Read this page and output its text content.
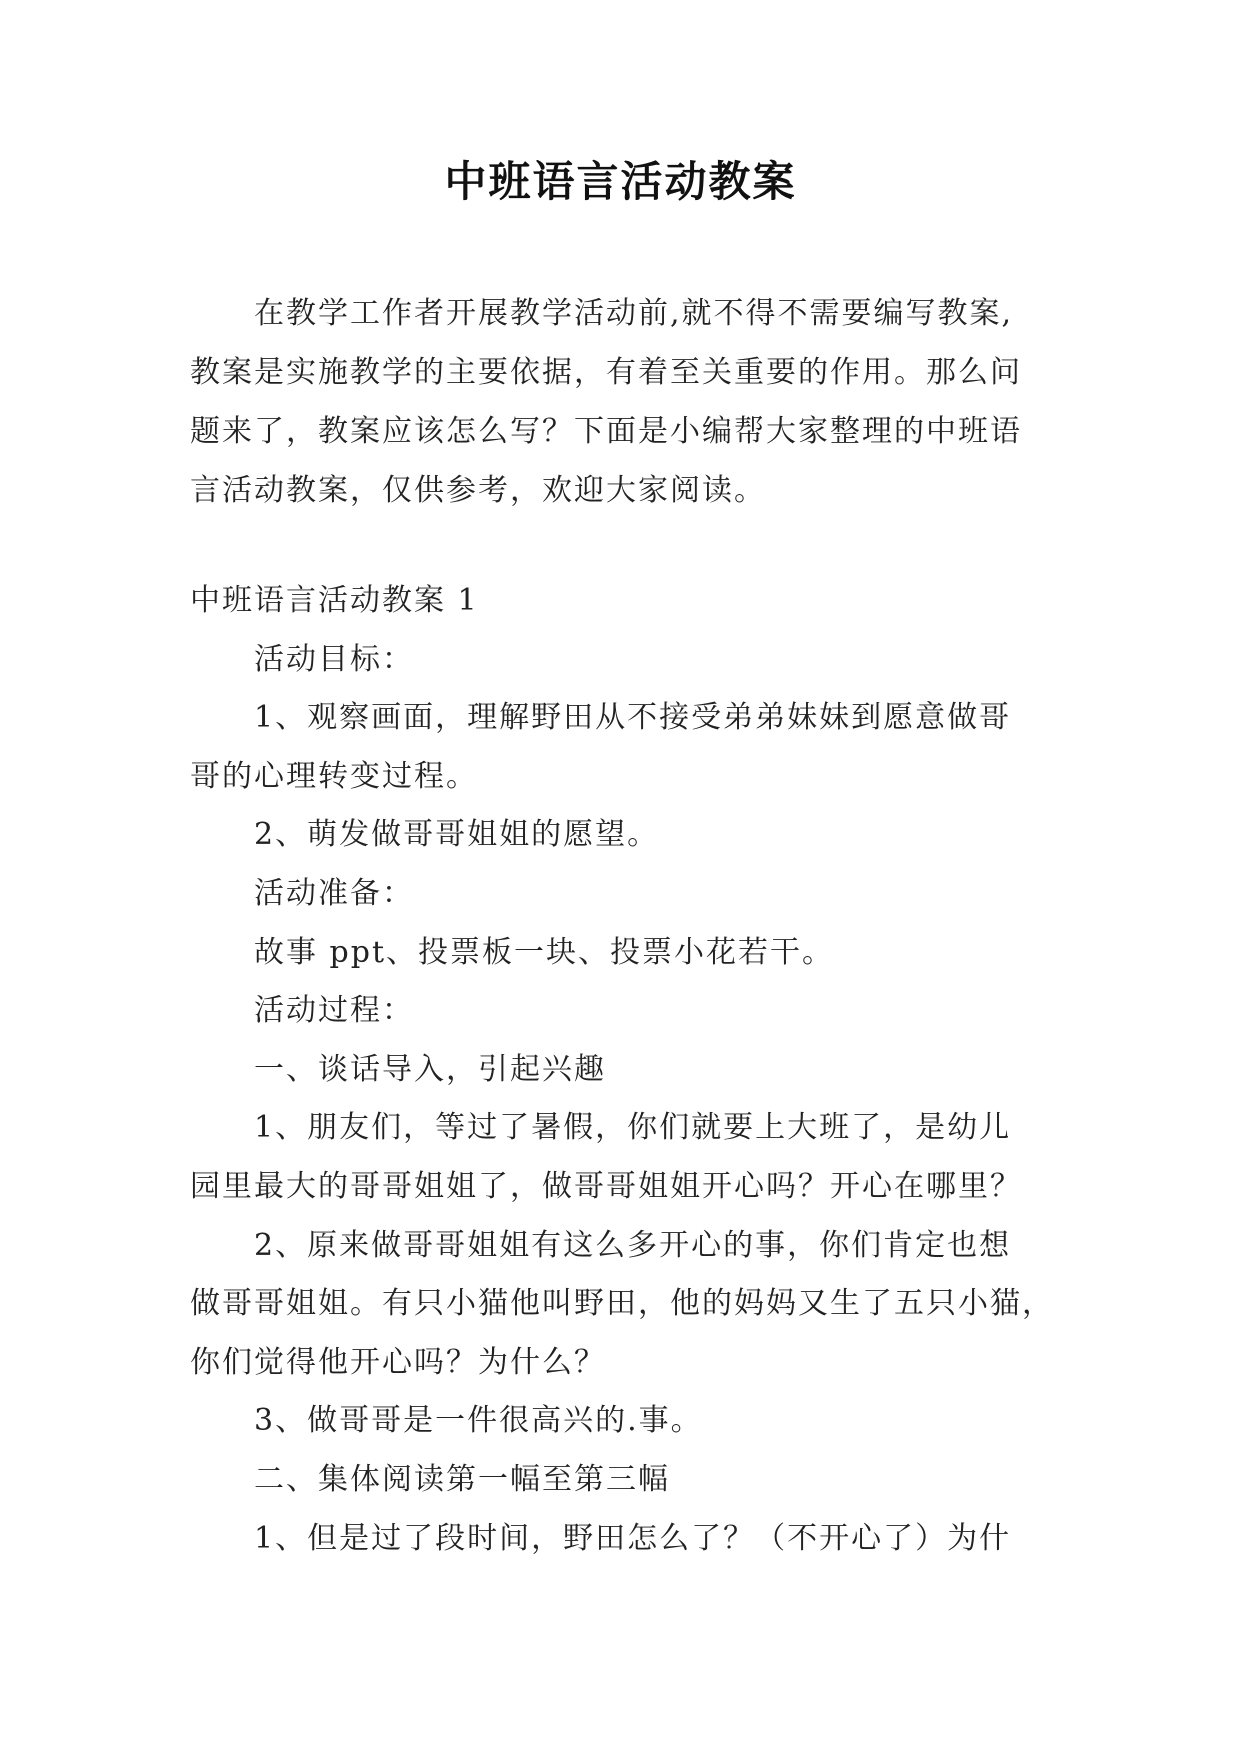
中班语言活动教案
在教学工作者开展教学活动前,就不得不需要编写教案,
教案是实施教学的主要依据，有着至关重要的作用。那么问
题来了，教案应该怎么写？下面是小编帮大家整理的中班语
言活动教案，仅供参考，欢迎大家阅读。
中班语言活动教案 1
活动目标：
1、观察画面，理解野田从不接受弟弟妹妹到愿意做哥
哥的心理转变过程。
2、萌发做哥哥姐姐的愿望。
活动准备：
故事 ppt、投票板一块、投票小花若干。
活动过程：
一、谈话导入，引起兴趣
1、朋友们，等过了暑假，你们就要上大班了，是幼儿
园里最大的哥哥姐姐了，做哥哥姐姐开心吗？开心在哪里？
2、原来做哥哥姐姐有这么多开心的事，你们肯定也想
做哥哥姐姐。有只小猫他叫野田，他的妈妈又生了五只小猫，
你们觉得他开心吗？为什么？
3、做哥哥是一件很高兴的.事。
二、集体阅读第一幅至第三幅
1、但是过了段时间，野田怎么了？（不开心了）为什
